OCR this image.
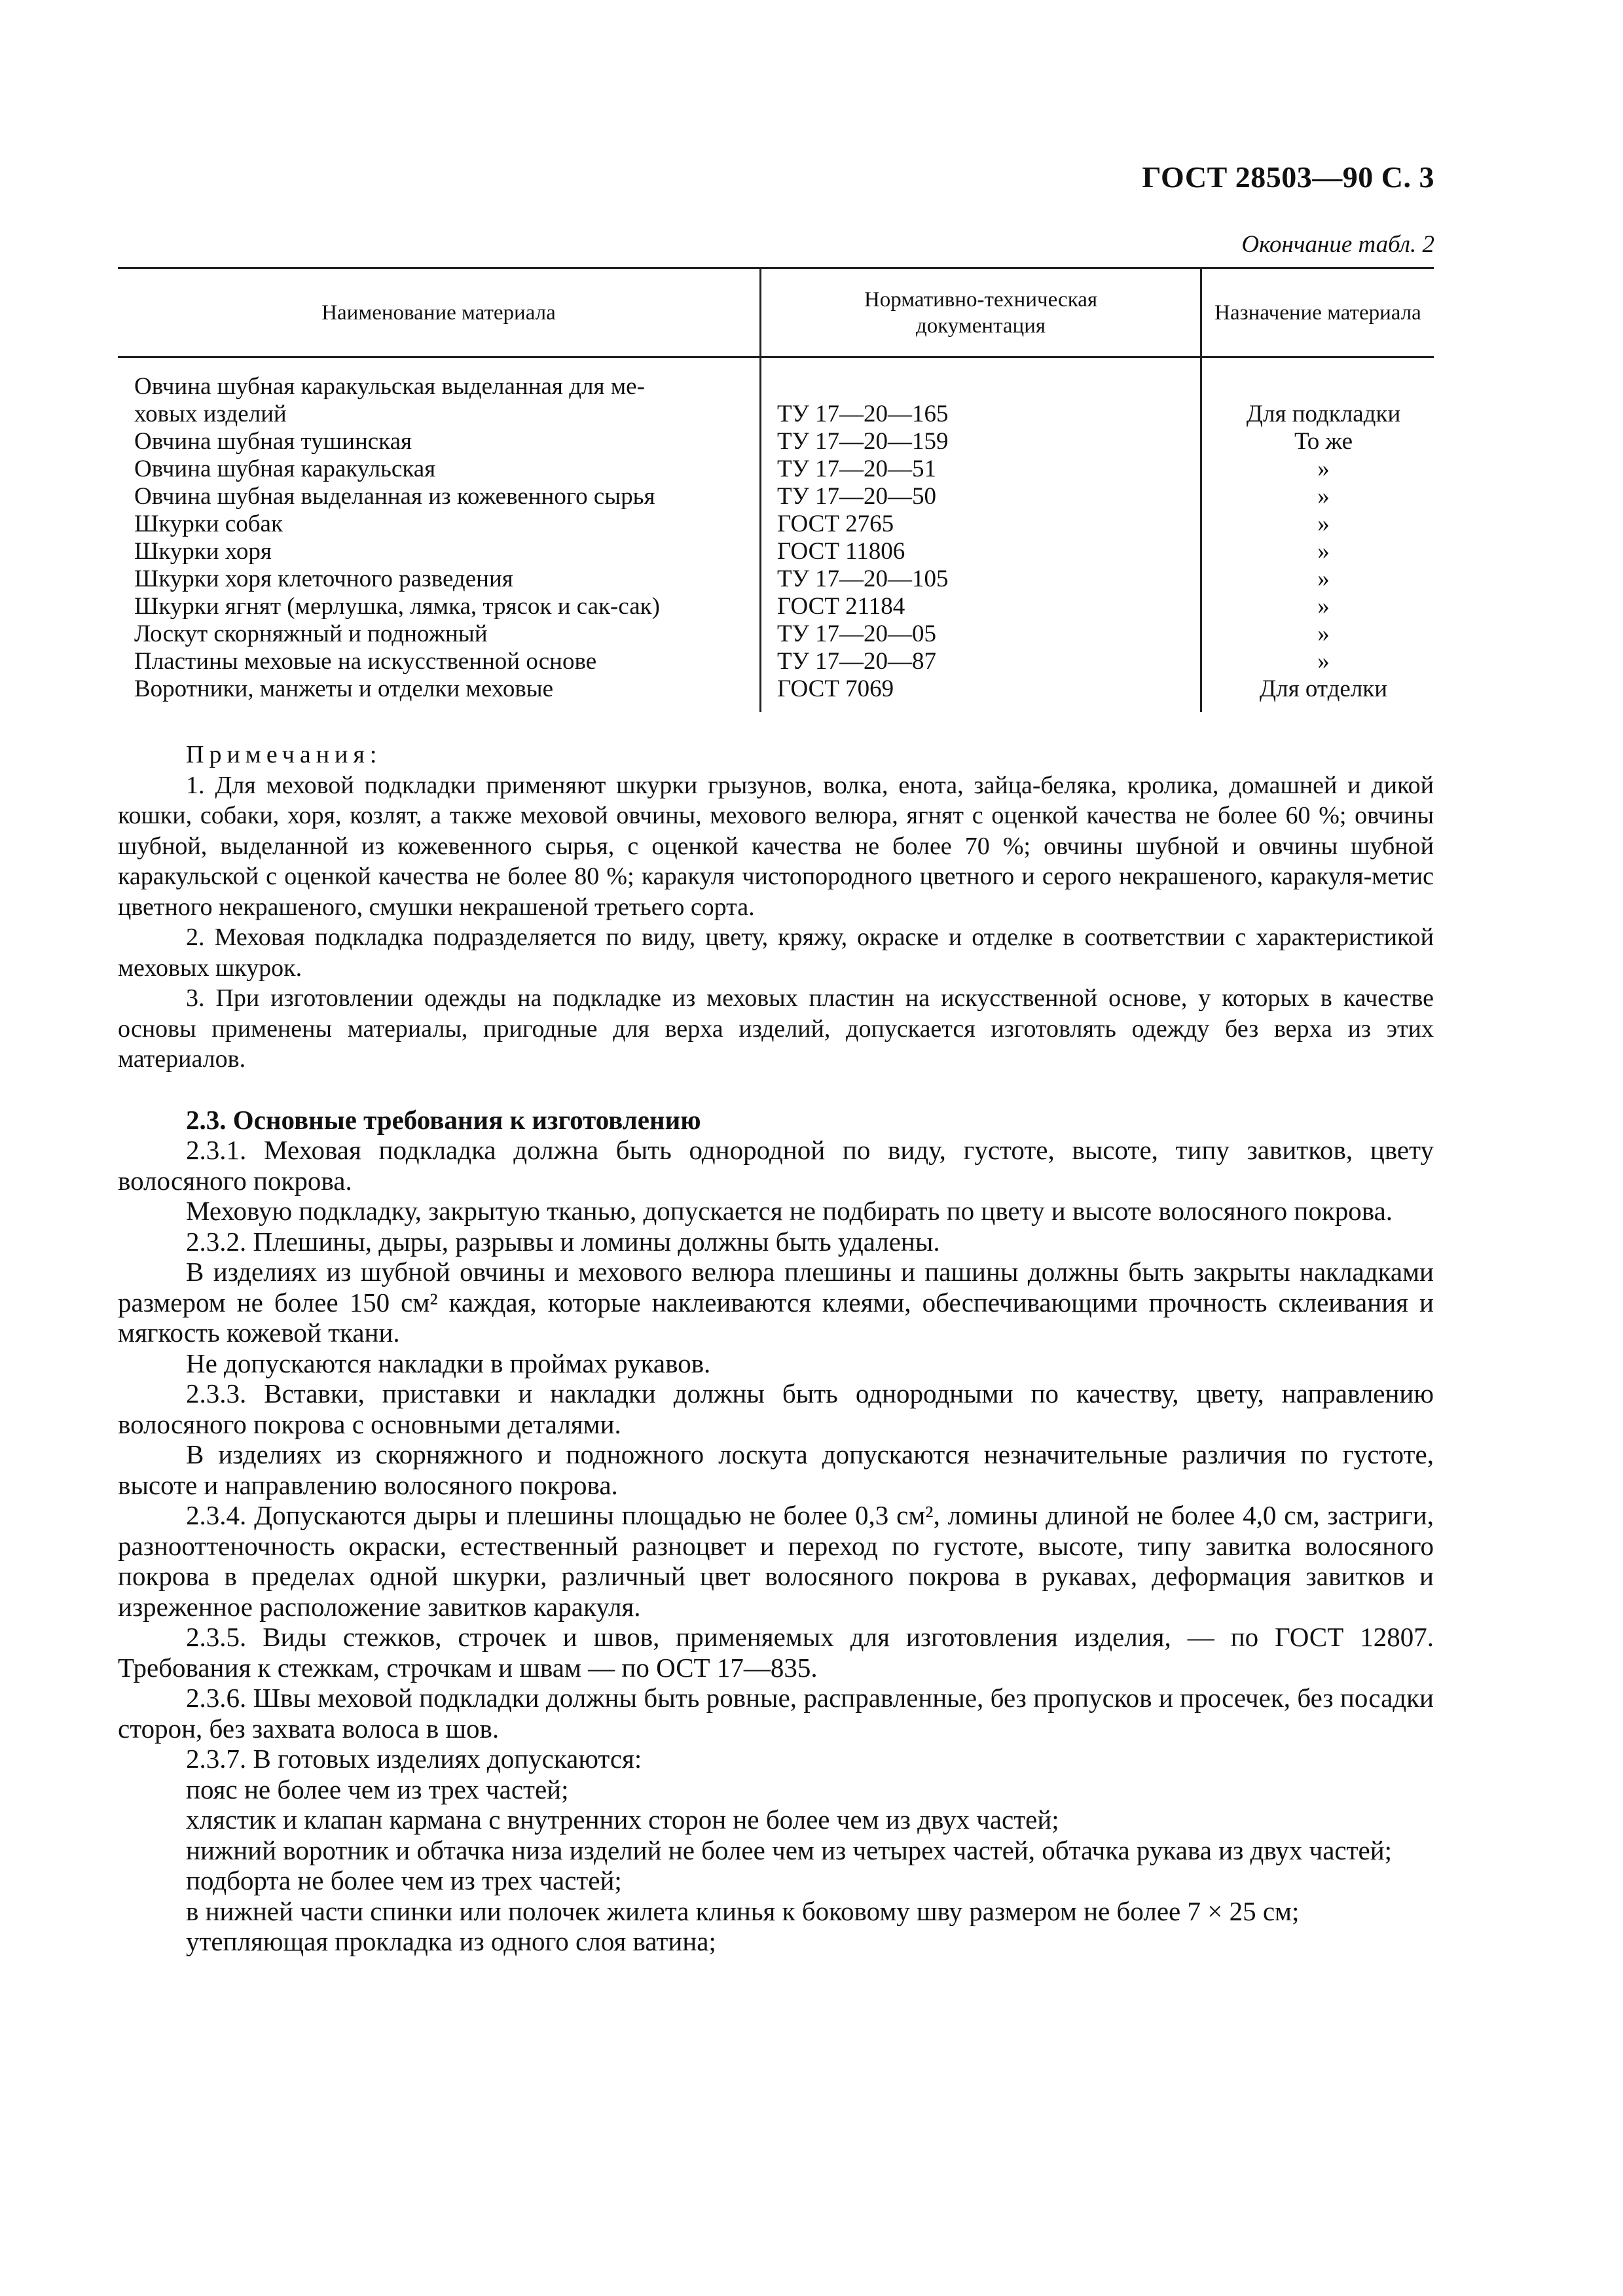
ГОСТ 28503—90 С. 3
Окончание табл. 2
Наименование материала
Нормативно-техническая документация
Назначение материала
Овчина шубная каракульская выделанная для ме-
ховых изделий
Овчина шубная тушинская
Овчина шубная каракульская
Овчина шубная выделанная из кожевенного сырья
Шкурки собак
Шкурки хоря
Шкурки хоря клеточного разведения
Шкурки ягнят (мерлушка, лямка, трясок и сак-сак)
Лоскут скорняжный и подножный
Пластины меховые на искусственной основе
Воротники, манжеты и отделки меховые
ТУ 17—20—165
ТУ 17—20—159
ТУ 17—20—51
ТУ 17—20—50
ГОСТ 2765
ГОСТ 11806
ТУ 17—20—105
ГОСТ 21184
ТУ 17—20—05
ТУ 17—20—87
ГОСТ 7069
Для подкладки
То же
»
»
»
»
»
»
»
»
Для отделки
Примечания:

1. Для меховой подкладки применяют шкурки грызунов, волка, енота, зайца-беляка, кролика, домашней и дикой кошки, собаки, хоря, козлят, а также меховой овчины, мехового велюра, ягнят с оценкой качества не более 60 %; овчины шубной, выделанной из кожевенного сырья, с оценкой качества не более 70 %; овчины шубной и овчины шубной каракульской с оценкой качества не более 80 %; каракуля чистопородного цветного и серого некрашеного, каракуля-метис цветного некрашеного, смушки некрашеной третьего сорта.

2. Меховая подкладка подразделяется по виду, цвету, кряжу, окраске и отделке в соответствии с характеристикой меховых шкурок.

3. При изготовлении одежды на подкладке из меховых пластин на искусственной основе, у которых в качестве основы применены материалы, пригодные для верха изделий, допускается изготовлять одежду без верха из этих материалов.

2.3. Основные требования к изготовлению

2.3.1. Меховая подкладка должна быть однородной по виду, густоте, высоте, типу завитков, цвету волосяного покрова.

Меховую подкладку, закрытую тканью, допускается не подбирать по цвету и высоте волосяного покрова.

2.3.2. Плешины, дыры, разрывы и ломины должны быть удалены.

В изделиях из шубной овчины и мехового велюра плешины и пашины должны быть закрыты накладками размером не более 150 см² каждая, которые наклеиваются клеями, обеспечивающими прочность склеивания и мягкость кожевой ткани.

Не допускаются накладки в проймах рукавов.

2.3.3. Вставки, приставки и накладки должны быть однородными по качеству, цвету, направлению волосяного покрова с основными деталями.

В изделиях из скорняжного и подножного лоскута допускаются незначительные различия по густоте, высоте и направлению волосяного покрова.

2.3.4. Допускаются дыры и плешины площадью не более 0,3 см², ломины длиной не более 4,0 см, застриги, разнооттеночность окраски, естественный разноцвет и переход по густоте, высоте, типу завитка волосяного покрова в пределах одной шкурки, различный цвет волосяного покрова в рукавах, деформация завитков и изреженное расположение завитков каракуля.

2.3.5. Виды стежков, строчек и швов, применяемых для изготовления изделия, — по ГОСТ 12807. Требования к стежкам, строчкам и швам — по ОСТ 17—835.

2.3.6. Швы меховой подкладки должны быть ровные, расправленные, без пропусков и просечек, без посадки сторон, без захвата волоса в шов.

2.3.7. В готовых изделиях допускаются:

пояс не более чем из трех частей;

хлястик и клапан кармана с внутренних сторон не более чем из двух частей;

нижний воротник и обтачка низа изделий не более чем из четырех частей, обтачка рукава из двух частей;

подборта не более чем из трех частей;

в нижней части спинки или полочек жилета клинья к боковому шву размером не более 7 × 25 см;

утепляющая прокладка из одного слоя ватина;
